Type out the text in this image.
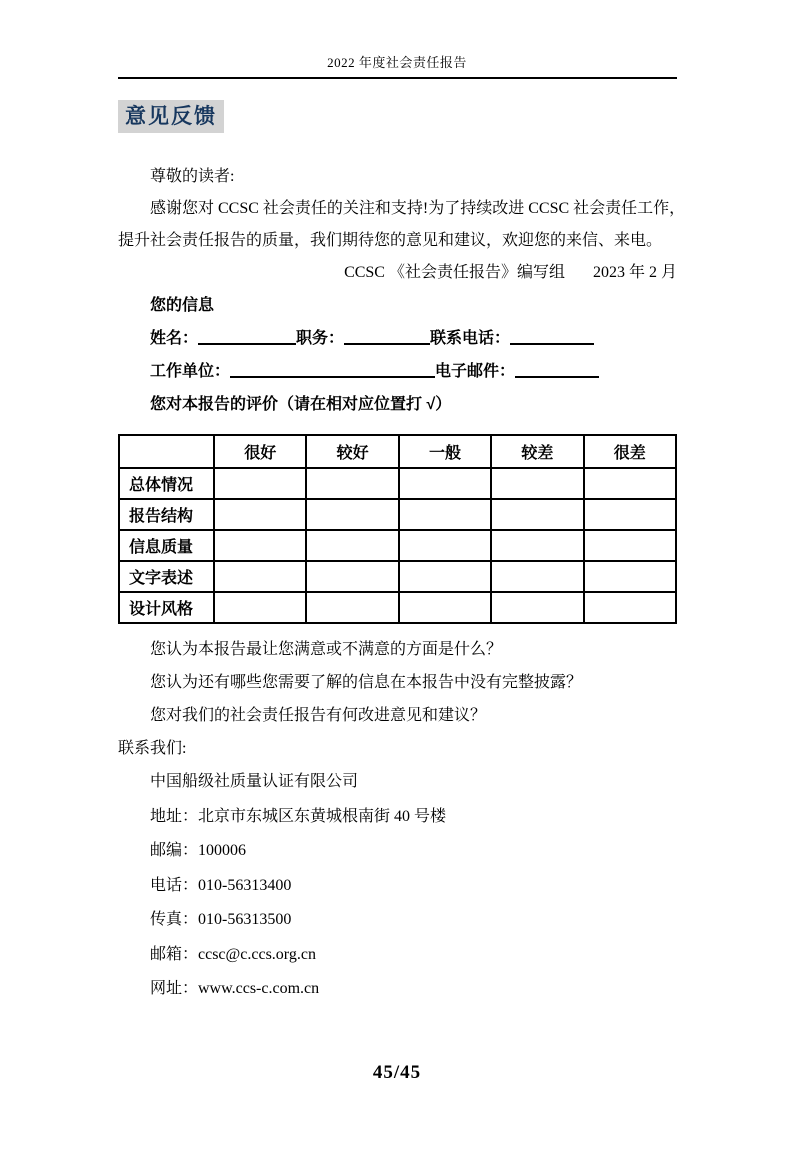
2022 年度社会责任报告
意见反馈

尊敬的读者:

感谢您对 CCSC 社会责任的关注和支持!为了持续改进 CCSC 社会责任工作，

提升社会责任报告的质量，我们期待您的意见和建议，欢迎您的来信、来电。

CCSC 《社会责任报告》编写组 2023 年 2 月

您的信息
姓名：	职务：	联系电话：
工作单位：	电子邮件：
您对本报告的评价（请在相对应位置打 √）
	很好	较好	一般	较差	很差
总体情况					
报告结构					
信息质量					
文字表述					
设计风格					

您认为本报告最让您满意或不满意的方面是什么？

您认为还有哪些您需要了解的信息在本报告中没有完整披露？

您对我们的社会责任报告有何改进意见和建议？

联系我们:

中国船级社质量认证有限公司

地址：北京市东城区东黄城根南街 40 号楼

邮编：100006

电话：010-56313400

传真：010-56313500

邮箱：ccsc@c.ccs.org.cn

网址：www.ccs-c.com.cn

45/45
